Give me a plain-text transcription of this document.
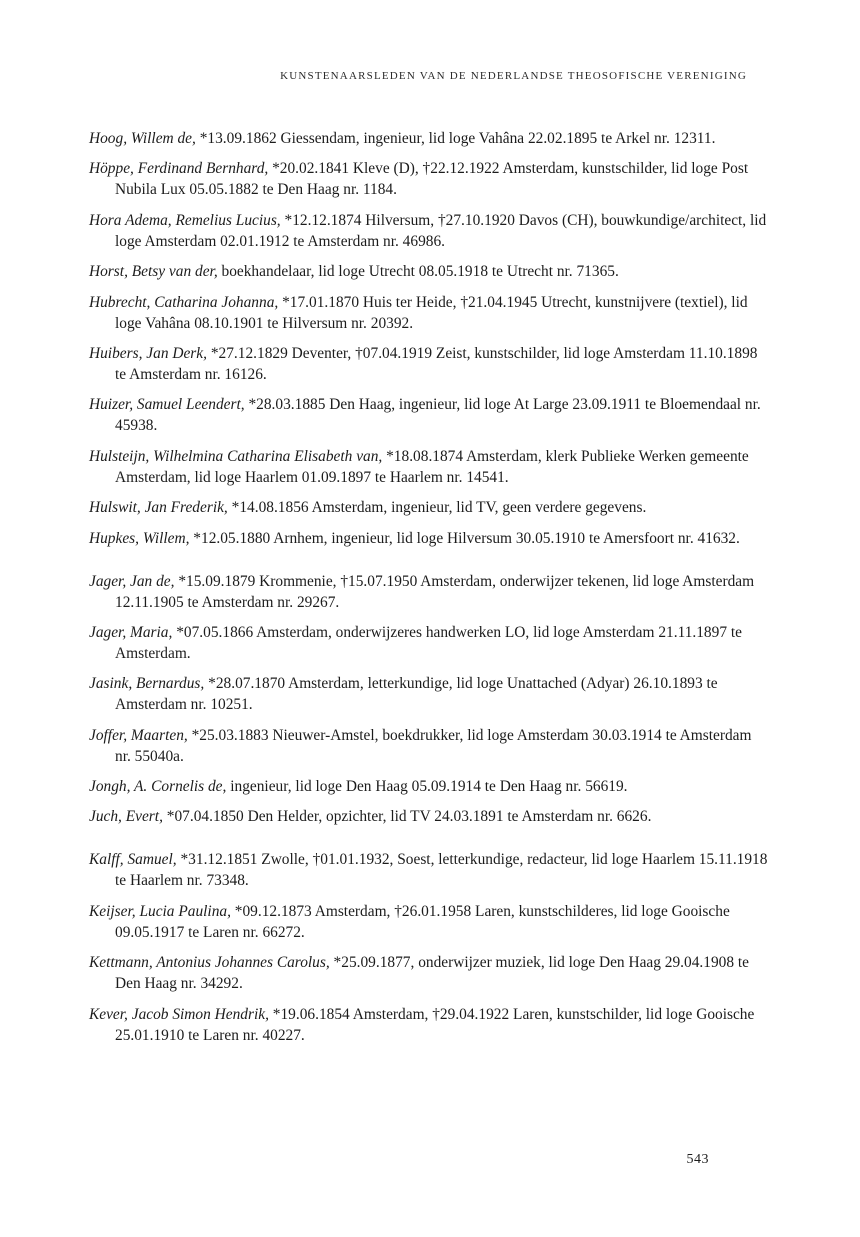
KUNSTENAARSLEDEN VAN DE NEDERLANDSE THEOSOFISCHE VERENIGING

Hoog, Willem de, *13.09.1862 Giessendam, ingenieur, lid loge Vahâna 22.02.1895 te Arkel nr. 12311.

Höppe, Ferdinand Bernhard, *20.02.1841 Kleve (D), †22.12.1922 Amsterdam, kunstschilder, lid loge Post Nubila Lux 05.05.1882 te Den Haag nr. 1184.

Hora Adema, Remelius Lucius, *12.12.1874 Hilversum, †27.10.1920 Davos (CH), bouwkundige/architect, lid loge Amsterdam 02.01.1912 te Amsterdam nr. 46986.

Horst, Betsy van der, boekhandelaar, lid loge Utrecht 08.05.1918 te Utrecht nr. 71365.

Hubrecht, Catharina Johanna, *17.01.1870 Huis ter Heide, †21.04.1945 Utrecht, kunstnijvere (textiel), lid loge Vahâna 08.10.1901 te Hilversum nr. 20392.

Huibers, Jan Derk, *27.12.1829 Deventer, †07.04.1919 Zeist, kunstschilder, lid loge Amsterdam 11.10.1898 te Amsterdam nr. 16126.

Huizer, Samuel Leendert, *28.03.1885 Den Haag, ingenieur, lid loge At Large 23.09.1911 te Bloemendaal nr. 45938.

Hulsteijn, Wilhelmina Catharina Elisabeth van, *18.08.1874 Amsterdam, klerk Publieke Werken gemeente Amsterdam, lid loge Haarlem 01.09.1897 te Haarlem nr. 14541.

Hulswit, Jan Frederik, *14.08.1856 Amsterdam, ingenieur, lid TV, geen verdere gegevens.

Hupkes, Willem, *12.05.1880 Arnhem, ingenieur, lid loge Hilversum 30.05.1910 te Amersfoort nr. 41632.

Jager, Jan de, *15.09.1879 Krommenie, †15.07.1950 Amsterdam, onderwijzer tekenen, lid loge Amsterdam 12.11.1905 te Amsterdam nr. 29267.

Jager, Maria, *07.05.1866 Amsterdam, onderwijzeres handwerken LO, lid loge Amsterdam 21.11.1897 te Amsterdam.

Jasink, Bernardus, *28.07.1870 Amsterdam, letterkundige, lid loge Unattached (Adyar) 26.10.1893 te Amsterdam nr. 10251.

Joffer, Maarten, *25.03.1883 Nieuwer-Amstel, boekdrukker, lid loge Amsterdam 30.03.1914 te Amsterdam nr. 55040a.

Jongh, A. Cornelis de, ingenieur, lid loge Den Haag 05.09.1914 te Den Haag nr. 56619.

Juch, Evert, *07.04.1850 Den Helder, opzichter, lid TV 24.03.1891 te Amsterdam nr. 6626.

Kalff, Samuel, *31.12.1851 Zwolle, †01.01.1932, Soest, letterkundige, redacteur, lid loge Haarlem 15.11.1918 te Haarlem nr. 73348.

Keijser, Lucia Paulina, *09.12.1873 Amsterdam, †26.01.1958 Laren, kunstschilderes, lid loge Gooische 09.05.1917 te Laren nr. 66272.

Kettmann, Antonius Johannes Carolus, *25.09.1877, onderwijzer muziek, lid loge Den Haag 29.04.1908 te Den Haag nr. 34292.

Kever, Jacob Simon Hendrik, *19.06.1854 Amsterdam, †29.04.1922 Laren, kunstschilder, lid loge Gooische 25.01.1910 te Laren nr. 40227.

543
